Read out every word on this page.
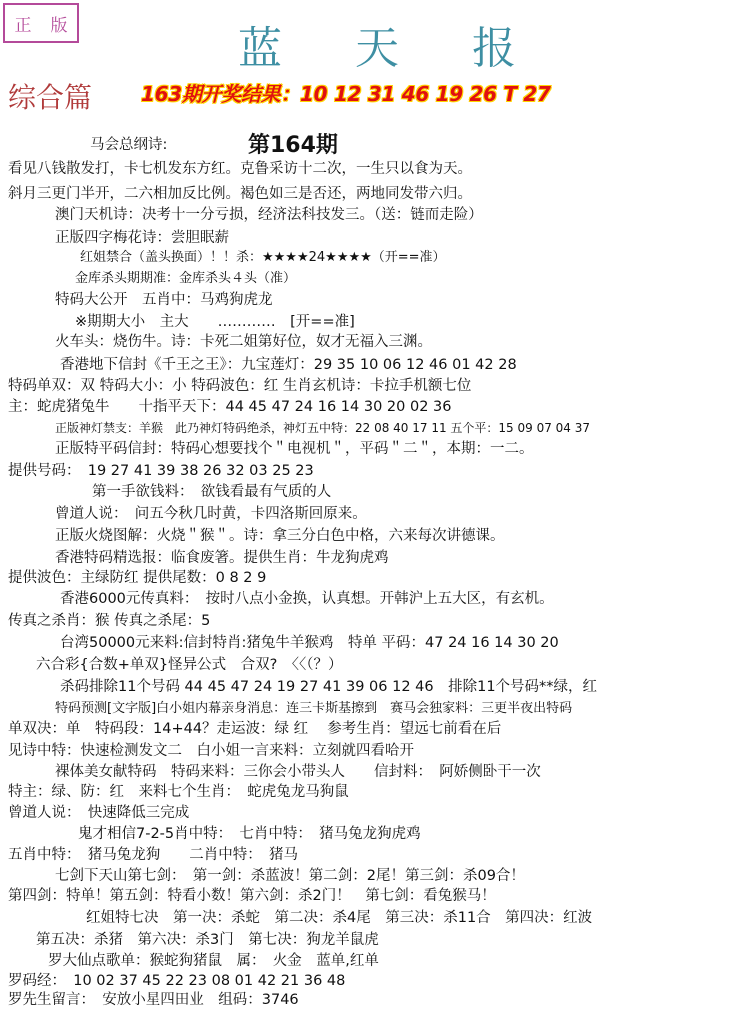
正 版	蓝 天 报
综合篇 163期开奖结果：10 12 31 46 19 26 T 27
第164期
马会总纲诗:
看见八钱散发打，卡七机发东方红。克鲁采访十二次，一生只以食为天。
斜月三更门半开，二六相加反比例。褐色如三是否还，两地同发带六归。
澳门天机诗：决考十一分亏损，经济法科技发三。（送：链而走险）
正版四字梅花诗：尝胆眠薪
红姐禁合（盖头换面）！！杀：★★★★24★★★★（开==准）
金库杀头期期准：金库杀头４头（准）
特码大公开　五肖中：马鸡狗虎龙
※期期大小　主大　　…………　[开==准]
火车头：烧伤牛。诗：卡死二姐第好位，奴才无福入三渊。
香港地下信封《千王之王》：九宝莲灯：29 35 10 06 12 46 01 42 28
特码单双：双 特码大小：小 特码波色：红 生肖玄机诗：卡拉手机额七位
主：蛇虎猪兔牛　　十指平天下：44 45 47 24 16 14 30 20 02 36
正版神灯禁支：羊猴　此乃神灯特码绝杀，神灯五中特：22 08 40 17 11 五个平：15 09 07 04 37
正版特平码信封：特码心想要找个＂电视机＂，平码＂二＂，本期：一二。
提供号码：　19 27 41 39 38 26 32 03 25 23
第一手欲钱料：　欲钱看最有气质的人
曾道人说：　问五今秋几时黄，卡四洛斯回原来。
正版火烧图解：火烧＂猴＂。诗：拿三分白色中格，六来每次讲德课。
香港特码精选报：临食废箸。提供生肖：牛龙狗虎鸡
提供波色：主绿防红 提供尾数：0 8 2 9
香港6000元传真料：　按时八点小金换，认真想。开韩沪上五大区，有玄机。
传真之杀肖：猴 传真之杀尾：5
台湾50000元来料:信封特肖:猪兔牛羊猴鸡　特单 平码：47 24 16 14 30 20
六合彩{合数+单双}怪异公式　合双?　〈〈（？）
杀码排除11个号码 44 45 47 24 19 27 41 39 06 12 46　排除11个号码**绿，红
特码预测[文字版]白小姐内幕亲身消息：连三卡斯基擦到　赛马会独家料：三更半夜出特码
单双决：单　特码段：14+44？走运波：绿 红　 参考生肖：望远七前看在后
见诗中特：快速检测发文二　白小姐一言来料：立刻就四看哈开
裸体美女献特码　特码来料：三你会小带头人　　信封料：　阿娇侧卧干一次
特主：绿、防：红　来料七个生肖：　蛇虎兔龙马狗鼠
曾道人说：　快速降低三完成
鬼才相信7-2-5肖中特：　七肖中特：　猪马兔龙狗虎鸡
五肖中特：　猪马兔龙狗　　二肖中特：　猪马
七剑下天山第七剑：　第一剑：杀蓝波！第二剑：2尾！第三剑：杀09合！
第四剑：特单！第五剑：特看小数！第六剑：杀2门！　第七剑：看兔猴马！
红姐特七决　第一决：杀蛇　第二决：杀4尾　第三决：杀11合　第四决：红波
第五决：杀猪　第六决：杀3门　第七决：狗龙羊鼠虎
罗大仙点歌单：猴蛇狗猪鼠　属：　火金　蓝单,红单
罗码经：　10 02 37 45 22 23 08 01 42 21 36 48
罗先生留言：　安放小星四田业　组码：3746
